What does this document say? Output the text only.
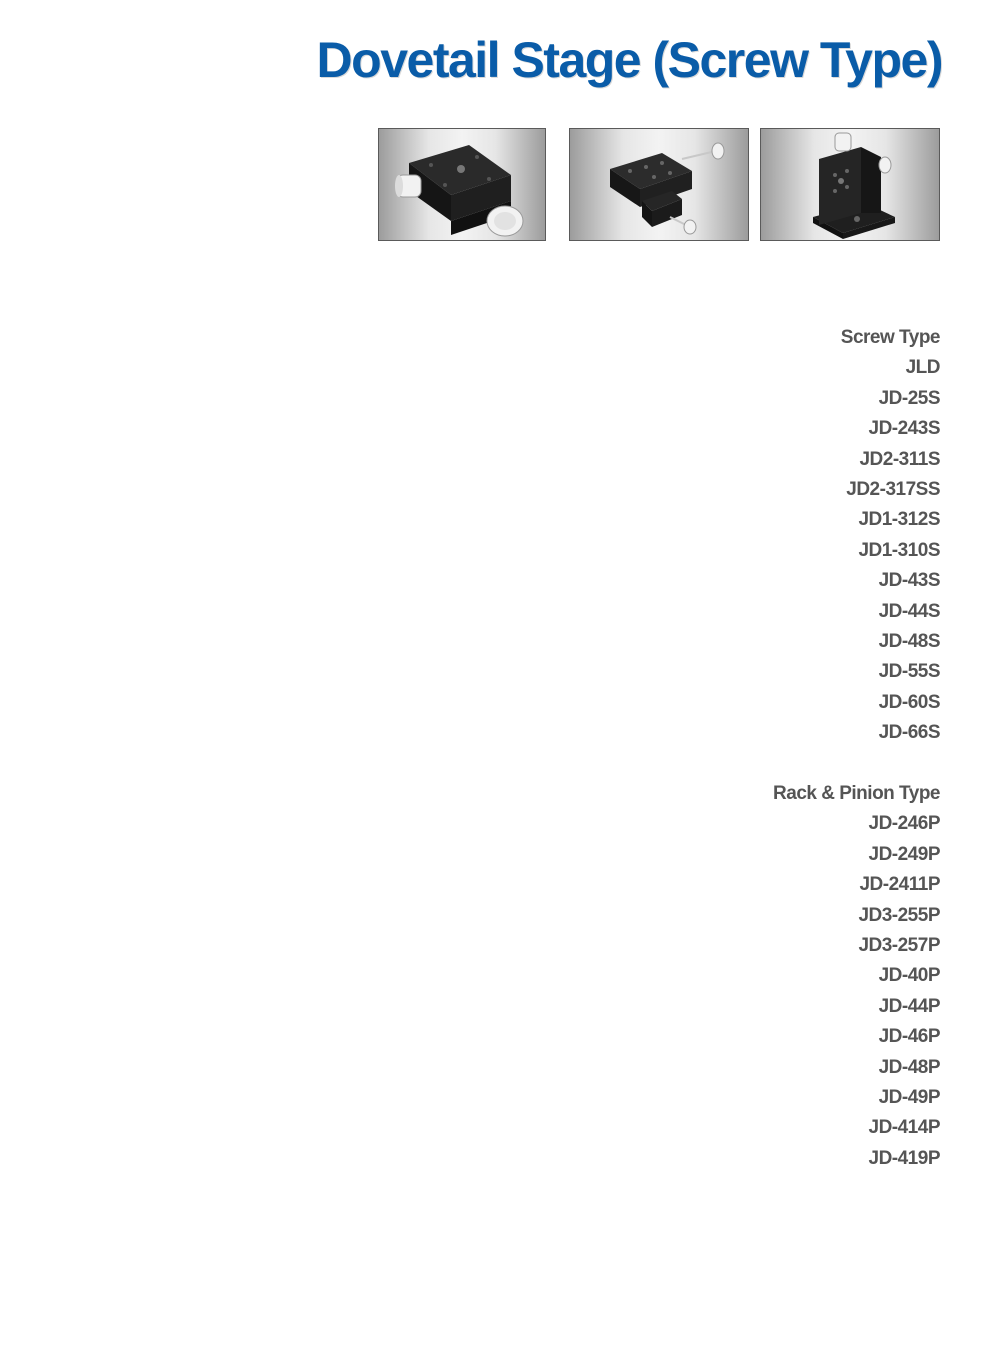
Dovetail Stage (Screw Type)
Screw Type
JLD
JD-25S
JD-243S
JD2-311S
JD2-317SS
JD1-312S
JD1-310S
JD-43S
JD-44S
JD-48S
JD-55S
JD-60S
JD-66S
Rack & Pinion Type
JD-246P
JD-249P
JD-2411P
JD3-255P
JD3-257P
JD-40P
JD-44P
JD-46P
JD-48P
JD-49P
JD-414P
JD-419P
